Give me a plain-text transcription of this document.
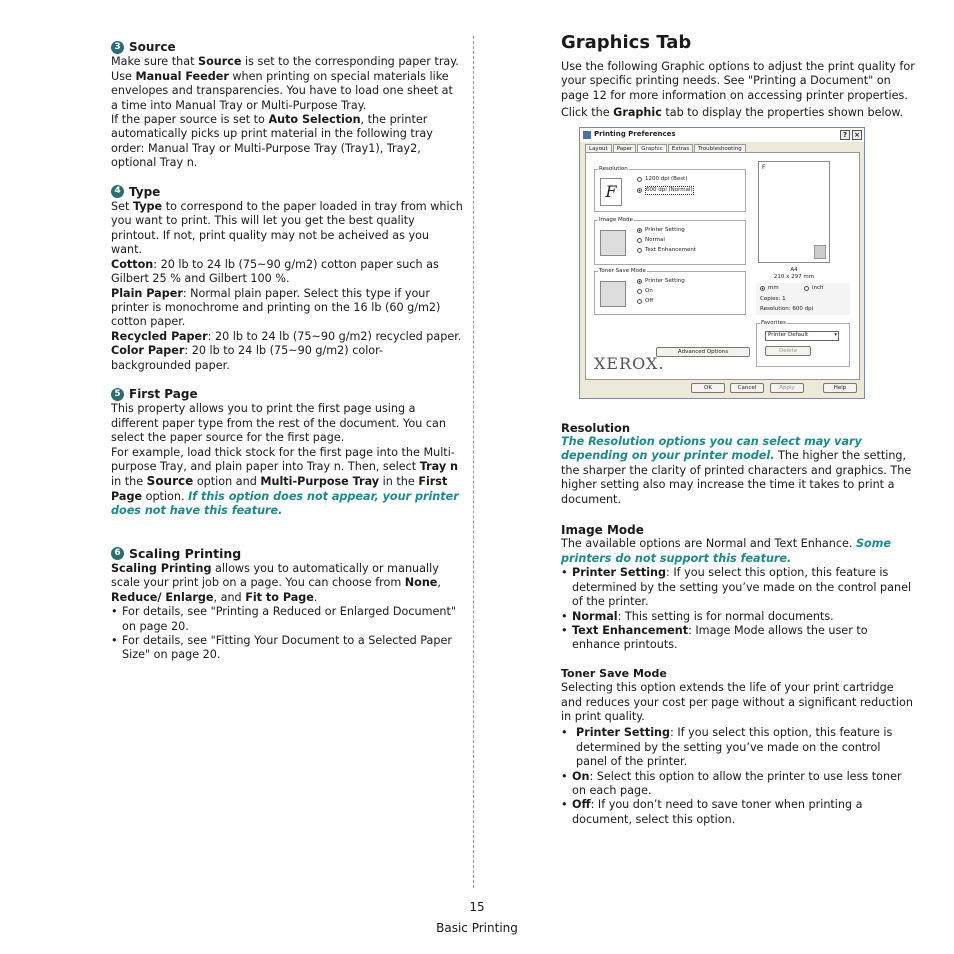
3 Source

Make sure that Source is set to the corresponding paper tray. Use Manual Feeder when printing on special materials like envelopes and transparencies. You have to load one sheet at a time into Manual Tray or Multi-Purpose Tray.

If the paper source is set to Auto Selection, the printer automatically picks up print material in the following tray order: Manual Tray or Multi-Purpose Tray (Tray1), Tray2, optional Tray n.

4 Type

Set Type to correspond to the paper loaded in tray from which you want to print. This will let you get the best quality printout. If not, print quality may not be acheived as you want.

Cotton: 20 lb to 24 lb (75~90 g/m2) cotton paper such as Gilbert 25 % and Gilbert 100 %.

Plain Paper: Normal plain paper. Select this type if your printer is monochrome and printing on the 16 lb (60 g/m2) cotton paper.

Recycled Paper: 20 lb to 24 lb (75~90 g/m2) recycled paper.

Color Paper: 20 lb to 24 lb (75~90 g/m2) color-backgrounded paper.

5 First Page

This property allows you to print the first page using a different paper type from the rest of the document. You can select the paper source for the first page.

For example, load thick stock for the first page into the Multi-purpose Tray, and plain paper into Tray n. Then, select Tray n in the Source option and Multi-Purpose Tray in the First Page option. If this option does not appear, your printer does not have this feature.

6 Scaling Printing

Scaling Printing allows you to automatically or manually scale your print job on a page. You can choose from None, Reduce/ Enlarge, and Fit to Page.

• For details, see "Printing a Reduced or Enlarged Document" on page 20.
• For details, see "Fitting Your Document to a Selected Paper Size" on page 20.
Graphics Tab

Use the following Graphic options to adjust the print quality for your specific printing needs. See "Printing a Document" on page 12 for more information on accessing printer properties.

Click the Graphic tab to display the properties shown below.

Printing Preferences	?	×
Layout	Paper	Graphic	Extras	Troubleshooting
Resolution
F
1200 dpi (Best)
600 dpi (Normal)
Image Mode
Printer Setting
Normal
Text Enhancement
Toner Save Mode
Printer Setting
On
Off
F
A4
210 x 297 mm
mm	inch
Copies: 1
Resolution: 600 dpi
Favorites
Printer Default	▾
Delete
Advanced Options
XEROX.
OK	Cancel	Apply	Help
Resolution

The Resolution options you can select may vary depending on your printer model. The higher the setting, the sharper the clarity of printed characters and graphics. The higher setting also may increase the time it takes to print a document.

Image Mode

The available options are Normal and Text Enhance. Some printers do not support this feature.

• Printer Setting: If you select this option, this feature is determined by the setting you’ve made on the control panel of the printer.
• Normal: This setting is for normal documents.
• Text Enhancement: Image Mode allows the user to enhance printouts.
Toner Save Mode

Selecting this option extends the life of your print cartridge and reduces your cost per page without a significant reduction in print quality.

• Printer Setting: If you select this option, this feature is determined by the setting you’ve made on the control panel of the printer.
• On: Select this option to allow the printer to use less toner on each page.
• Off: If you don’t need to save toner when printing a document, select this option.
15
Basic Printing
